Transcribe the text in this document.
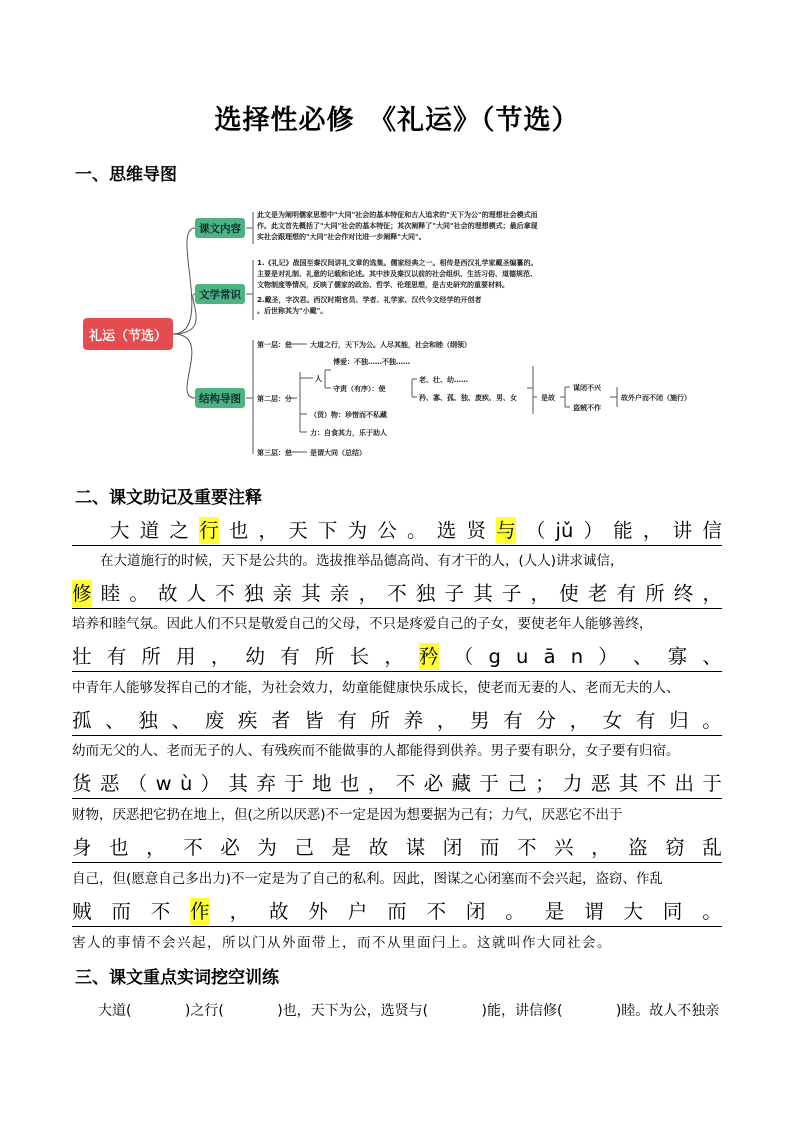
选择性必修　《礼运》（节选）
一、思维导图
礼运（节选）
课文内容
文学常识
结构导图
此文是为阐明儒家思想中"大同"社会的基本特征和古人追求的"天下为公"的理想社会模式而
作。此文首先概括了"大同"社会的基本特征；其次阐释了"大同"社会的理想模式；最后拿现
实社会跟理想的"大同"社会作对比进一步阐释"大同"。
1.《礼记》战国至秦汉间讲礼文章的选集。儒家经典之一。相传是西汉礼学家戴圣编纂的。
主要是对礼制、礼意的记载和论述。其中涉及秦汉以前的社会组织、生活习俗、道德规范、
文物制度等情况，反映了儒家的政治、哲学、伦理思想，是古史研究的重要材料。
2.戴圣，字次君。西汉时期官员、学者、礼学家、汉代今文经学的开创者
。后世称其为"小戴"。
第一层：总	大道之行，天下为公。人尽其能，社会和睦（纲领）
第二层：分
人
博爱：不独……不独……
守责（有序）：使
老、壮、幼……
矜、寡、孤、独、废疾、男、女
（货）物：珍惜而不私藏
力：自食其力，乐于助人
是故
谋闭不兴
盗贼不作
故外户而不闭（施行）
第三层：总	是谓大同（总结）
二、课文助记及重要注释
大 道 之 行 也 ， 天 下 为 公 。 选 贤 与 （ jǔ ） 能 ， 讲 信
在大道施行的时候，天下是公共的。选拔推举品德高尚、有才干的人，(人人)讲求诚信，
修 睦 。 故 人 不 独 亲 其 亲 ， 不 独 子 其 子 ， 使 老 有 所 终 ，
培养和睦气氛。因此人们不只是敬爱自己的父母，不只是疼爱自己的子女，要使老年人能够善终，
壮 有 所 用 ， 幼 有 所 长 ， 矜 （ g u ā n ） 、 寡 、
中青年人能够发挥自己的才能，为社会效力，幼童能健康快乐成长，使老而无妻的人、老而无夫的人、
孤 、 独 、 废 疾 者 皆 有 所 养 ， 男 有 分 ， 女 有 归 。
幼而无父的人、老而无子的人、有残疾而不能做事的人都能得到供养。男子要有职分，女子要有归宿。
货 恶 （ w ù ） 其 弃 于 地 也 ， 不 必 藏 于 己 ； 力 恶 其 不 出 于
财物，厌恶把它扔在地上，但(之所以厌恶)不一定是因为想要据为己有；力气，厌恶它不出于
身 也 ， 不 必 为 己 是 故 谋 闭 而 不 兴 ， 盗 窃 乱
自己，但(愿意自己多出力)不一定是为了自己的私利。因此，图谋之心闭塞而不会兴起，盗窃、作乱
贼 而 不 作 ， 故 外 户 而 不 闭 。 是 谓 大 同 。
害人的事情不会兴起，所以门从外面带上，而不从里面闩上。这就叫作大同社会。
三、课文重点实词挖空训练
大道(            )之行(            )也，天下为公，选贤与(            )能，讲信修(            )睦。故人不独亲
